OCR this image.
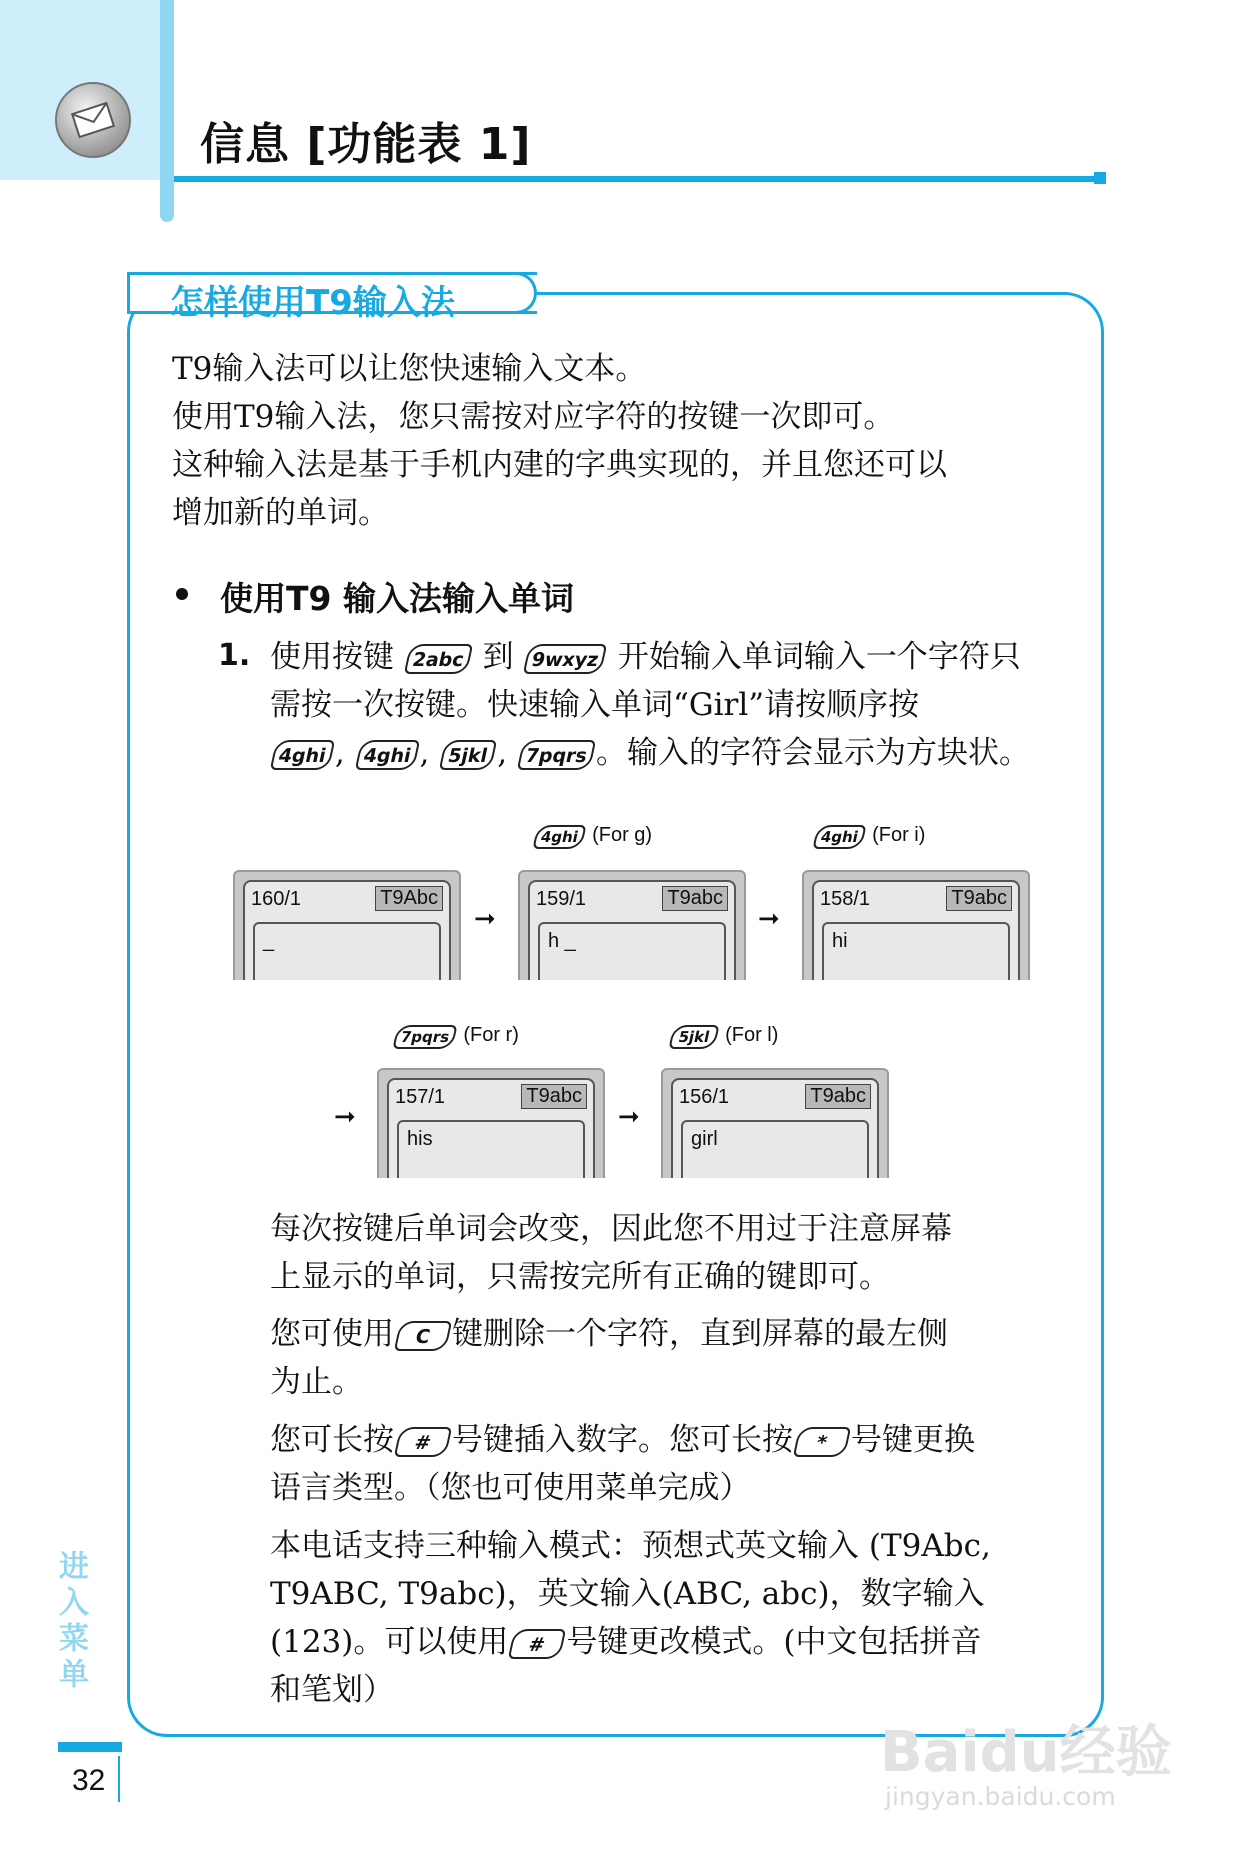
信息 [功能表 1]
怎样使用T9输入法
T9输入法可以让您快速输入文本。
使用T9输入法，您只需按对应字符的按键一次即可。
这种输入法是基于手机内建的字典实现的，并且您还可以
增加新的单词。
使用T9 输入法输入单词
1. 使用按键 2abc 到 9wxyz 开始输入单词输入一个字符只
需按一次按键。快速输入单词“Girl”请按顺序按
4ghi , 4ghi , 5jkl , 7pqrs 。输入的字符会显示为方块状。
4ghi (For g)	4ghi (For i)
160/1	T9Abc
_
➞
159/1	T9abc
h _
➞
158/1	T9abc
hi
7pqrs (For r)	5jkl (For l)
➞
157/1	T9abc
his
➞
156/1	T9abc
girl
每次按键后单词会改变，因此您不用过于注意屏幕
上显示的单词，只需按完所有正确的键即可。
您可使用 C 键删除一个字符，直到屏幕的最左侧
为止。
您可长按 # 号键插入数字。您可长按 * 号键更换
语言类型。（您也可使用菜单完成）
本电话支持三种输入模式：预想式英文输入 (T9Abc,
T9ABC, T9abc)，英文输入(ABC, abc)，数字输入
(123)。可以使用 # 号键更改模式。(中文包括拼音
和笔划）
进入菜单
32	Baidu经验
jingyan.baidu.com
